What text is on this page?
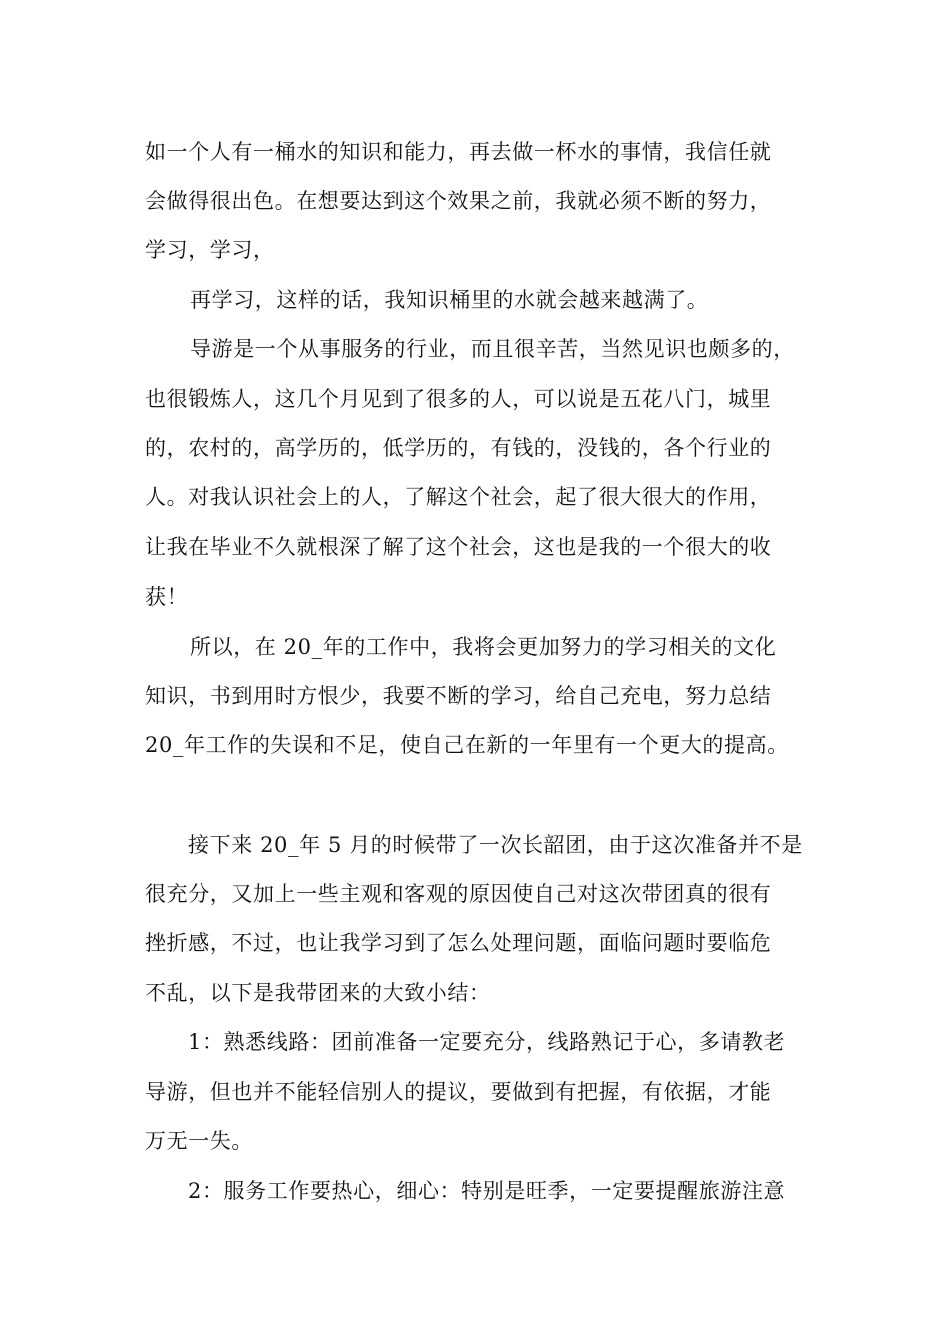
如一个人有一桶水的知识和能力，再去做一杯水的事情，我信任就

会做得很出色。在想要达到这个效果之前，我就必须不断的努力，

学习，学习，

再学习，这样的话，我知识桶里的水就会越来越满了。

导游是一个从事服务的行业，而且很辛苦，当然见识也颇多的，

也很锻炼人，这几个月见到了很多的人，可以说是五花八门，城里

的，农村的，高学历的，低学历的，有钱的，没钱的，各个行业的

人。对我认识社会上的人，了解这个社会，起了很大很大的作用，

让我在毕业不久就根深了解了这个社会，这也是我的一个很大的收

获！

所以，在 20_年的工作中，我将会更加努力的学习相关的文化

知识，书到用时方恨少，我要不断的学习，给自己充电，努力总结

20_年工作的失误和不足，使自己在新的一年里有一个更大的提高。

接下来 20_年 5 月的时候带了一次长韶团，由于这次准备并不是

很充分，又加上一些主观和客观的原因使自己对这次带团真的很有

挫折感，不过，也让我学习到了怎么处理问题，面临问题时要临危

不乱，以下是我带团来的大致小结：

1：熟悉线路：团前准备一定要充分，线路熟记于心，多请教老

导游，但也并不能轻信别人的提议，要做到有把握，有依据，才能

万无一失。

2：服务工作要热心，细心：特别是旺季，一定要提醒旅游注意
